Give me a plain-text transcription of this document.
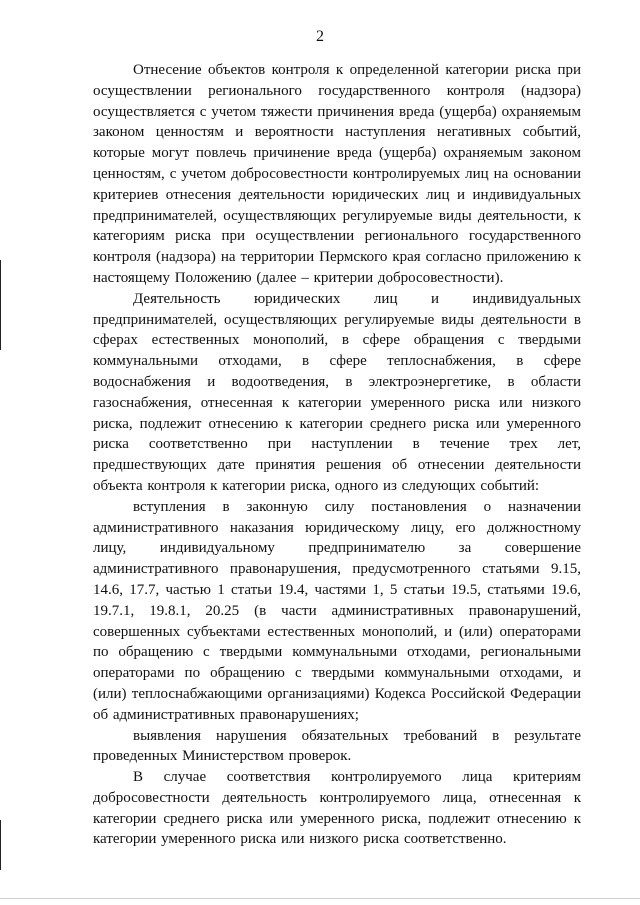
2

Отнесение объектов контроля к определенной категории риска при осуществлении регионального государственного контроля (надзора) осуществляется с учетом тяжести причинения вреда (ущерба) охраняемым законом ценностям и вероятности наступления негативных событий, которые могут повлечь причинение вреда (ущерба) охраняемым законом ценностям, с учетом добросовестности контролируемых лиц на основании критериев отнесения деятельности юридических лиц и индивидуальных предпринимателей, осуществляющих регулируемые виды деятельности, к категориям риска при осуществлении регионального государственного контроля (надзора) на территории Пермского края согласно приложению к настоящему Положению (далее – критерии добросовестности).

Деятельность юридических лиц и индивидуальных предпринимателей, осуществляющих регулируемые виды деятельности в сферах естественных монополий, в сфере обращения с твердыми коммунальными отходами, в сфере теплоснабжения, в сфере водоснабжения и водоотведения, в электроэнергетике, в области газоснабжения, отнесенная к категории умеренного риска или низкого риска, подлежит отнесению к категории среднего риска или умеренного риска соответственно при наступлении в течение трех лет, предшествующих дате принятия решения об отнесении деятельности объекта контроля к категории риска, одного из следующих событий:

вступления в законную силу постановления о назначении административного наказания юридическому лицу, его должностному лицу, индивидуальному предпринимателю за совершение административного правонарушения, предусмотренного статьями 9.15, 14.6, 17.7, частью 1 статьи 19.4, частями 1, 5 статьи 19.5, статьями 19.6, 19.7.1, 19.8.1, 20.25 (в части административных правонарушений, совершенных субъектами естественных монополий, и (или) операторами по обращению с твердыми коммунальными отходами, региональными операторами по обращению с твердыми коммунальными отходами, и (или) теплоснабжающими организациями) Кодекса Российской Федерации об административных правонарушениях;

выявления нарушения обязательных требований в результате проведенных Министерством проверок.

В случае соответствия контролируемого лица критериям добросовестности деятельность контролируемого лица, отнесенная к категории среднего риска или умеренного риска, подлежит отнесению к категории умеренного риска или низкого риска соответственно.
